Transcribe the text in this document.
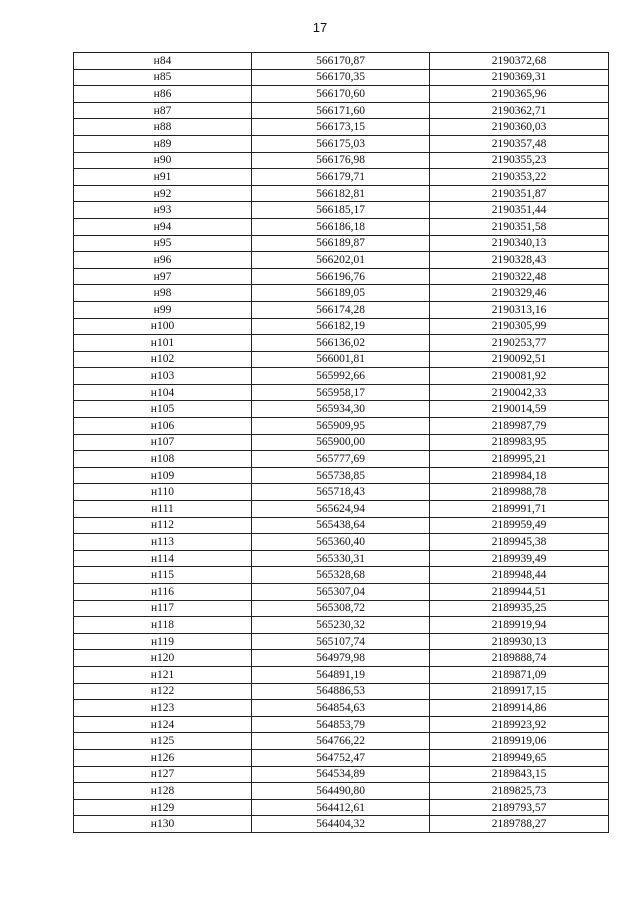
17
н84	566170,87	2190372,68
н85	566170,35	2190369,31
н86	566170,60	2190365,96
н87	566171,60	2190362,71
н88	566173,15	2190360,03
н89	566175,03	2190357,48
н90	566176,98	2190355,23
н91	566179,71	2190353,22
н92	566182,81	2190351,87
н93	566185,17	2190351,44
н94	566186,18	2190351,58
н95	566189,87	2190340,13
н96	566202,01	2190328,43
н97	566196,76	2190322,48
н98	566189,05	2190329,46
н99	566174,28	2190313,16
н100	566182,19	2190305,99
н101	566136,02	2190253,77
н102	566001,81	2190092,51
н103	565992,66	2190081,92
н104	565958,17	2190042,33
н105	565934,30	2190014,59
н106	565909,95	2189987,79
н107	565900,00	2189983,95
н108	565777,69	2189995,21
н109	565738,85	2189984,18
н110	565718,43	2189988,78
н111	565624,94	2189991,71
н112	565438,64	2189959,49
н113	565360,40	2189945,38
н114	565330,31	2189939,49
н115	565328,68	2189948,44
н116	565307,04	2189944,51
н117	565308,72	2189935,25
н118	565230,32	2189919,94
н119	565107,74	2189930,13
н120	564979,98	2189888,74
н121	564891,19	2189871,09
н122	564886,53	2189917,15
н123	564854,63	2189914,86
н124	564853,79	2189923,92
н125	564766,22	2189919,06
н126	564752,47	2189949,65
н127	564534,89	2189843,15
н128	564490,80	2189825,73
н129	564412,61	2189793,57
н130	564404,32	2189788,27
